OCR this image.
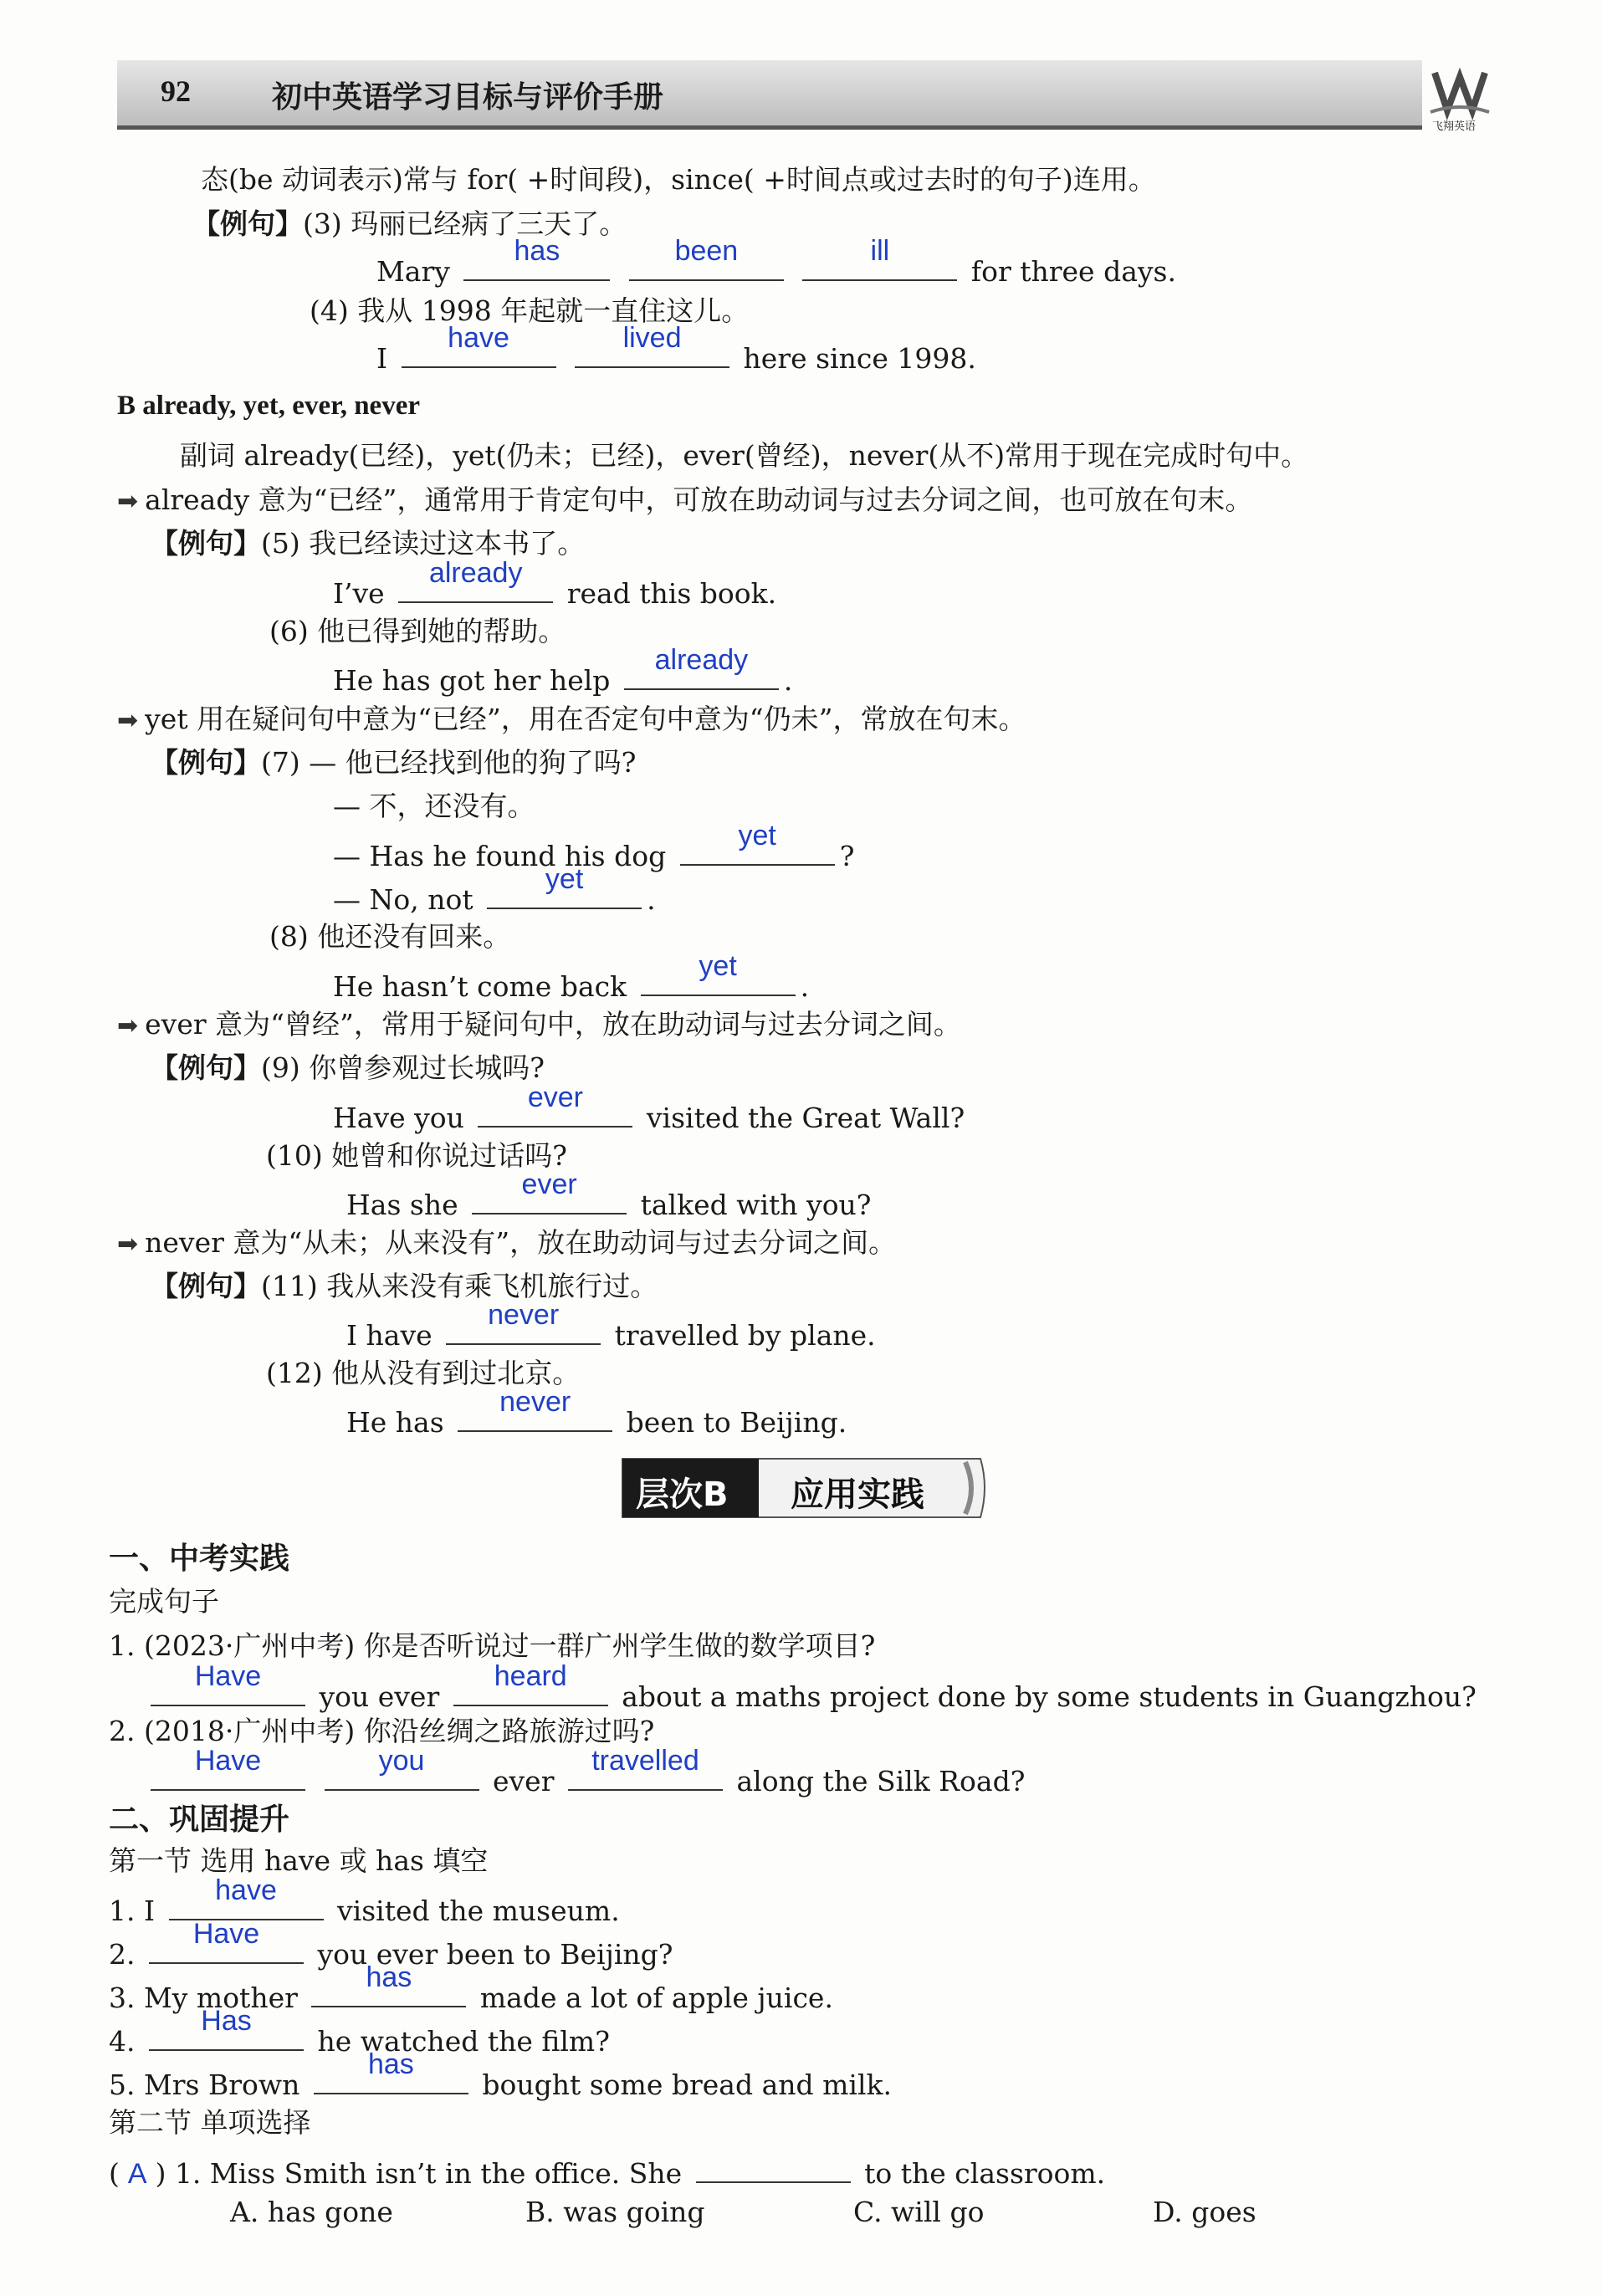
92	初中英语学习目标与评价手册
飞翔英语
态(be 动词表示)常与 for( +时间段)，since( +时间点或过去时的句子)连用。
【例句】(3) 玛丽已经病了三天了。
Mary
has
	been
	ill
for three days.
(4) 我从 1998 年起就一直住这儿。
I
have
	lived
here since 1998.
B already, yet, ever, never
副词 already(已经)，yet(仍未；已经)，ever(曾经)，never(从不)常用于现在完成时句中。
➡ already 意为“已经”，通常用于肯定句中，可放在助动词与过去分词之间，也可放在句末。
【例句】(5) 我已经读过这本书了。
I’ve
already
read this book.
(6) 他已得到她的帮助。
He has got her help
already
.
➡ yet 用在疑问句中意为“已经”，用在否定句中意为“仍未”，常放在句末。
【例句】(7) — 他已经找到他的狗了吗?
— 不，还没有。
— Has he found his dog
yet
?
— No, not
yet
.
(8) 他还没有回来。
He hasn’t come back
yet
.
➡ ever 意为“曾经”，常用于疑问句中，放在助动词与过去分词之间。
【例句】(9) 你曾参观过长城吗?
Have you
ever
visited the Great Wall?
(10) 她曾和你说过话吗?
Has she
ever
talked with you?
➡ never 意为“从未；从来没有”，放在助动词与过去分词之间。
【例句】(11) 我从来没有乘飞机旅行过。
I have
never
travelled by plane.
(12) 他从没有到过北京。
He has
never
been to Beijing.
层次B 应用实践
一、中考实践
完成句子
1. (2023·广州中考) 你是否听说过一群广州学生做的数学项目?
Have
you ever
heard
about a maths project done by some students in Guangzhou?
2. (2018·广州中考) 你沿丝绸之路旅游过吗?
Have
	you
ever
travelled
along the Silk Road?
二、巩固提升
第一节 选用 have 或 has 填空
1. I
have
visited the museum.
2.
Have
you ever been to Beijing?
3. My mother
has
made a lot of apple juice.
4.
Has
he watched the film?
5. Mrs Brown
has
bought some bread and milk.
第二节 单项选择
( A ) 1. Miss Smith isn’t in the office. She	to the classroom.
A. has gone	B. was going	C. will go	D. goes
